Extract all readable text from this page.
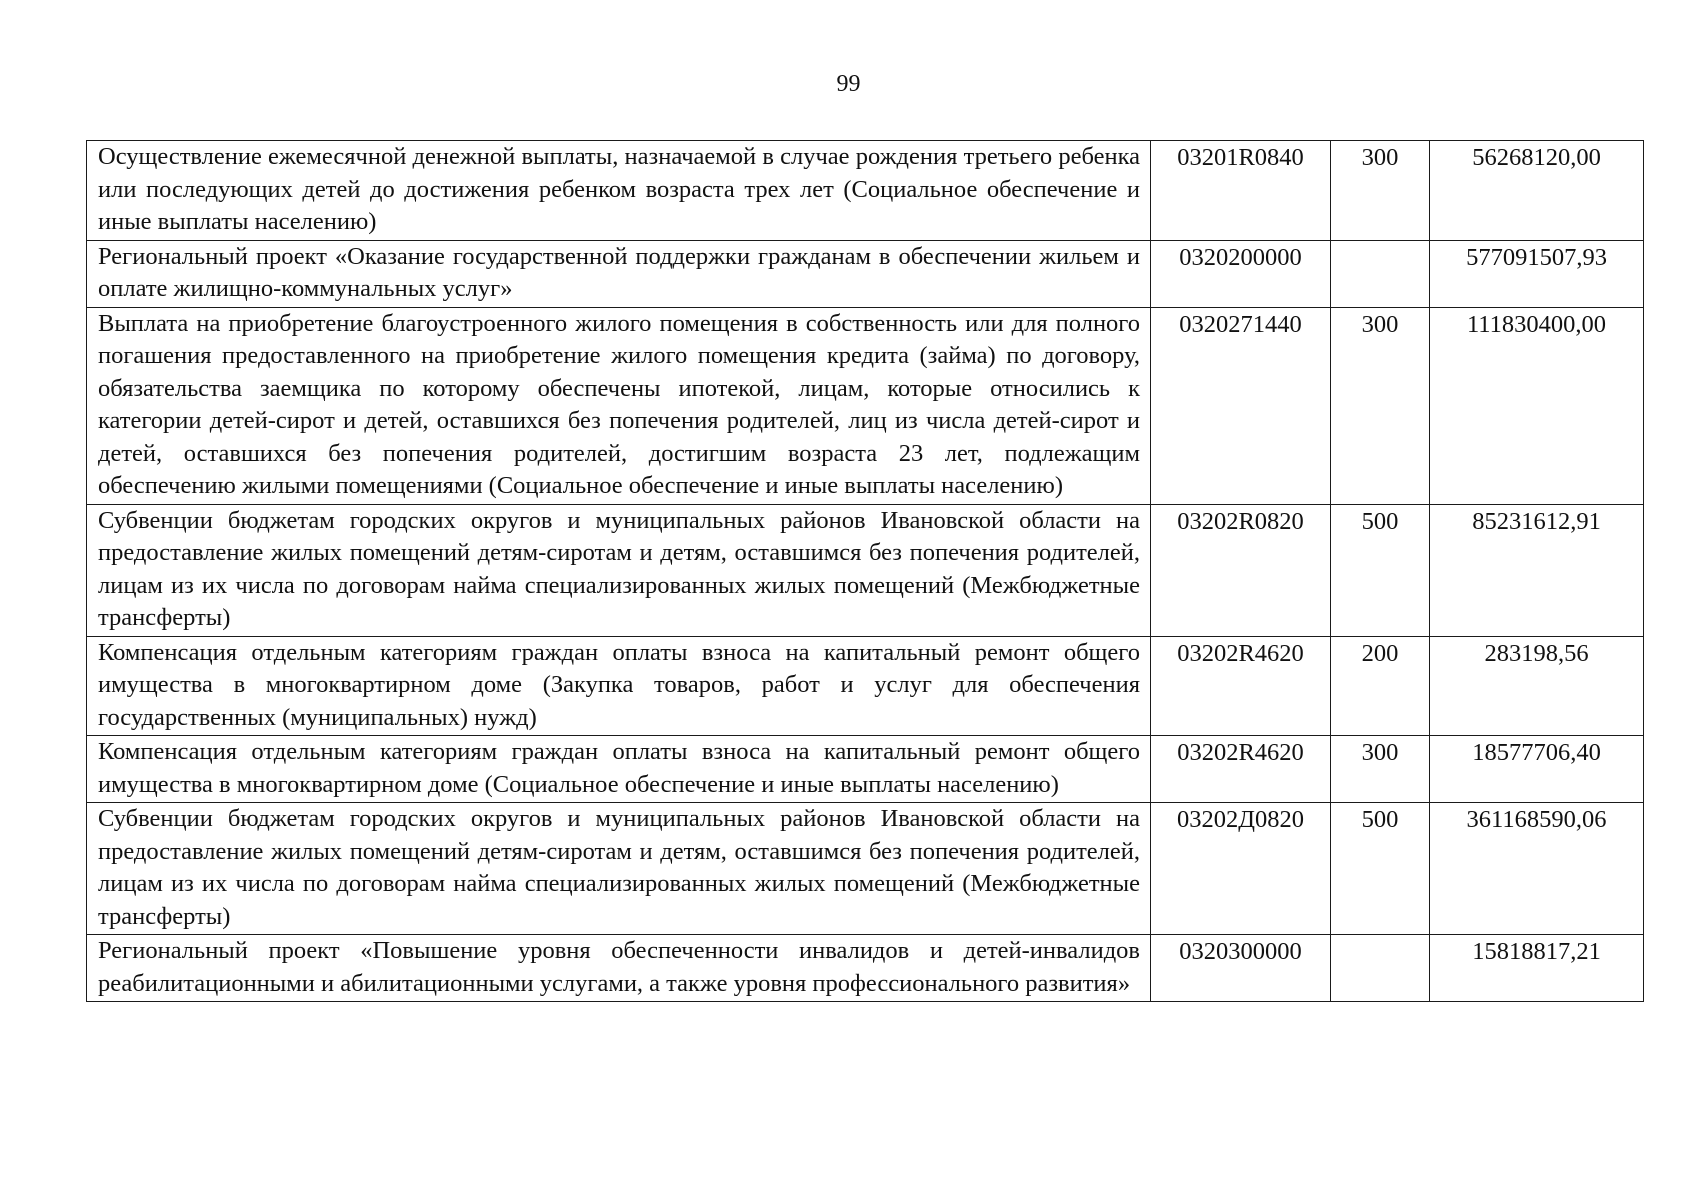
99
Осуществление ежемесячной денежной выплаты, назначаемой в случае рождения третьего ребенка или последующих детей до достижения ребенком возраста трех лет (Социальное обеспечение и иные выплаты населению)	03201R0840	300	56268120,00
Региональный проект «Оказание государственной поддержки гражданам в обеспечении жильем и оплате жилищно-коммунальных услуг»	0320200000		577091507,93
Выплата на приобретение благоустроенного жилого помещения в собственность или для полного погашения предоставленного на приобретение жилого помещения кредита (займа) по договору, обязательства заемщика по которому обеспечены ипотекой, лицам, которые относились к категории детей-сирот и детей, оставшихся без попечения родителей, лиц из числа детей-сирот и детей, оставшихся без попечения родителей, достигшим возраста 23 лет, подлежащим обеспечению жилыми помещениями (Социальное обеспечение и иные выплаты населению)	0320271440	300	111830400,00
Субвенции бюджетам городских округов и муниципальных районов Ивановской области на предоставление жилых помещений детям-сиротам и детям, оставшимся без попечения родителей, лицам из их числа по договорам найма специализированных жилых помещений (Межбюджетные трансферты)	03202R0820	500	85231612,91
Компенсация отдельным категориям граждан оплаты взноса на капитальный ремонт общего имущества в многоквартирном доме (Закупка товаров, работ и услуг для обеспечения государственных (муниципальных) нужд)	03202R4620	200	283198,56
Компенсация отдельным категориям граждан оплаты взноса на капитальный ремонт общего имущества в многоквартирном доме (Социальное обеспечение и иные выплаты населению)	03202R4620	300	18577706,40
Субвенции бюджетам городских округов и муниципальных районов Ивановской области на предоставление жилых помещений детям-сиротам и детям, оставшимся без попечения родителей, лицам из их числа по договорам найма специализированных жилых помещений (Межбюджетные трансферты)	03202Д0820	500	361168590,06
Региональный проект «Повышение уровня обеспеченности инвалидов и детей-инвалидов реабилитационными и абилитационными услугами, а также уровня профессионального развития»	0320300000		15818817,21
